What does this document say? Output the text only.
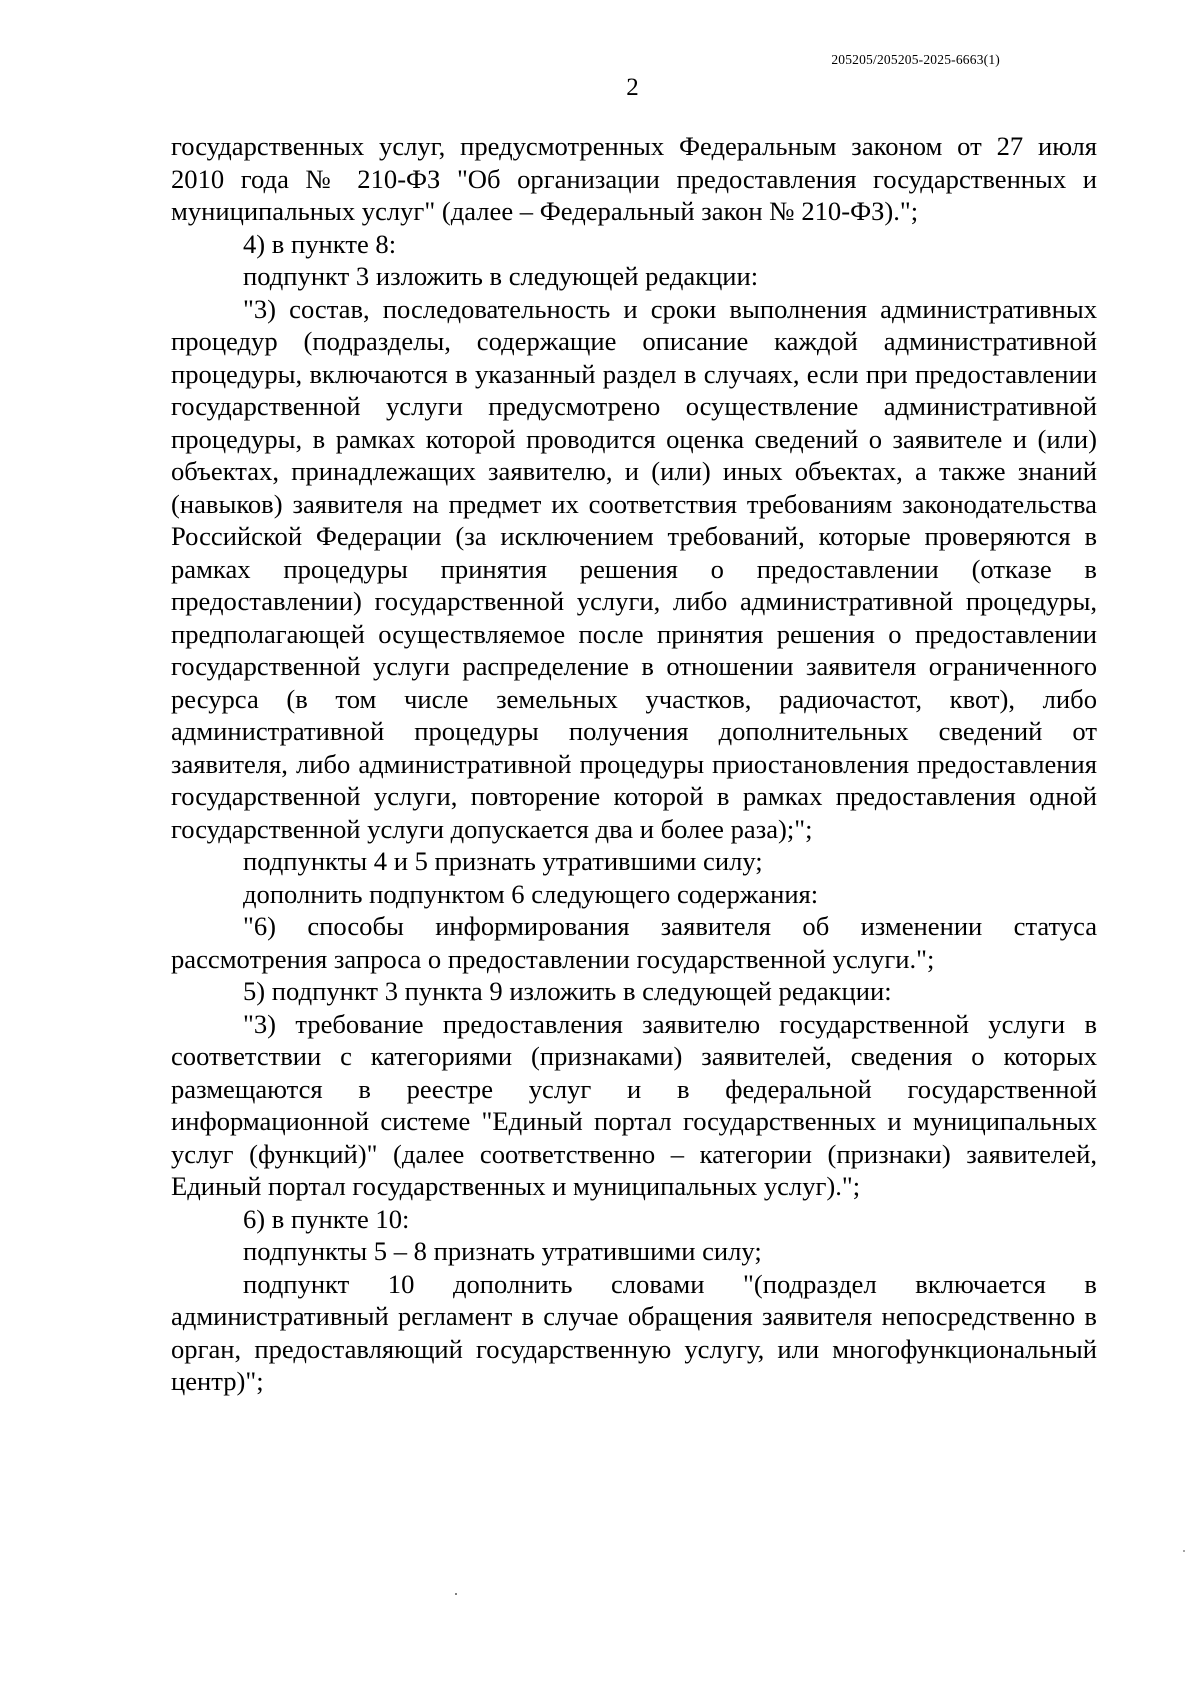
205205/205205-2025-6663(1)
2

государственных услуг, предусмотренных Федеральным законом от 27 июля 2010 года № 210-ФЗ "Об организации предоставления государственных и муниципальных услуг" (далее – Федеральный закон № 210-ФЗ).";

4) в пункте 8:

подпункт 3 изложить в следующей редакции:

"3) состав, последовательность и сроки выполнения административных процедур (подразделы, содержащие описание каждой административной процедуры, включаются в указанный раздел в случаях, если при предоставлении государственной услуги предусмотрено осуществление административной процедуры, в рамках которой проводится оценка сведений о заявителе и (или) объектах, принадлежащих заявителю, и (или) иных объектах, а также знаний (навыков) заявителя на предмет их соответствия требованиям законодательства Российской Федерации (за исключением требований, которые проверяются в рамках процедуры принятия решения о предоставлении (отказе в предоставлении) государственной услуги, либо административной процедуры, предполагающей осуществляемое после принятия решения о предоставлении государственной услуги распределение в отношении заявителя ограниченного ресурса (в том числе земельных участков, радиочастот, квот), либо административной процедуры получения дополнительных сведений от заявителя, либо административной процедуры приостановления предоставления государственной услуги, повторение которой в рамках предоставления одной государственной услуги допускается два и более раза);";

подпункты 4 и 5 признать утратившими силу;

дополнить подпунктом 6 следующего содержания:

"6) способы информирования заявителя об изменении статуса рассмотрения запроса о предоставлении государственной услуги.";

5) подпункт 3 пункта 9 изложить в следующей редакции:

"3) требование предоставления заявителю государственной услуги в соответствии с категориями (признаками) заявителей, сведения о которых размещаются в реестре услуг и в федеральной государственной информационной системе "Единый портал государственных и муниципальных услуг (функций)" (далее соответственно – категории (признаки) заявителей, Единый портал государственных и муниципальных услуг).";

6) в пункте 10:

подпункты 5 – 8 признать утратившими силу;

подпункт 10 дополнить словами "(подраздел включается в административный регламент в случае обращения заявителя непосредственно в орган, предоставляющий государственную услугу, или многофункциональный центр)";
